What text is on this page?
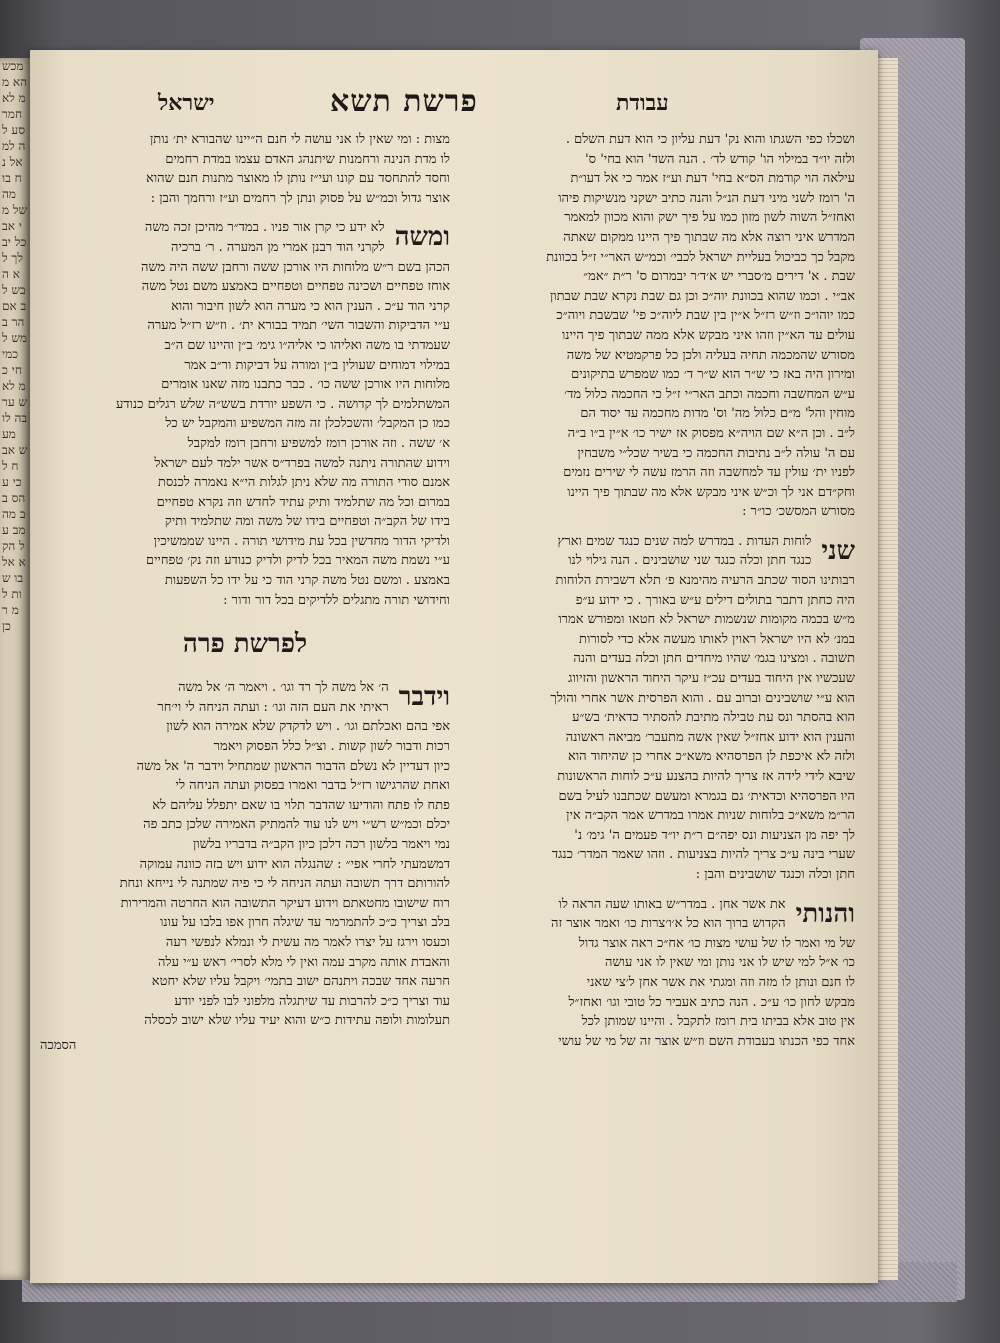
מכשהא ממ לא חמר סע לה למ אל נח בו מה של מי אב כל יב לך לא ה בש לב אם הר ב מש ל כמי חי כמ לא ש ער בה לו מע ש אב ח ל כי ע הס בב מה מב על הק א אל בו ש ות למ ר כן
עבודת
פרשת תשא
ישראל
ושכלו כפי השגתו והוא נק' דעת עליון כי הוא דעת השלם .
ולזה יו״ד במילוי הו' קודש לד׳ . הנה השד' הוא בחי' ס'
עילאה הוי קודמת הס״א בחי' דעת וע״ז אמר כי אל דעו״ת
ה' רומז לשני מיני דעת הנ״ל והנה כתיב ישקני מנשיקות פיהו
ואחז״ל השוה לשון מזון כמו על פיך ישק והוא מכוון למאמר
המדרש איני רוצה אלא מה שבתוך פיך היינו ממקום שאתה
מקבל כך כביכול בעליית ישראל לכבי׳ וכמ״ש האר״י ז״ל בכוונת
שבת . א' דירים מ׳סברי יש א׳ד׳ר יבמרום ס' ר״ת ״אמ״
אב״י . וכמו שהוא בכוונת יוה״כ וכן גם שבת נקרא שבת שבתון
כמו יוהו״כ וז״ש רז״ל א״ין בין שבת ליוה״כ פי' שבשבת ויוה״כ
עולים עד הא״ין וזהו איני מבקש אלא ממה שבתוך פיך היינו
מסורש שהמכמה תחיה בעליה ולכן כל פרקמטיא של משה
ומירון היה באז כי ש״ר הוא ש״ר ד׳ כמו שמפרש בתיקונים
ע״ש המחשבה וחכמה וכתב האר״י ז״ל כי החכמה כלול מד׳
מוחין והל' מ״ם כלול מה' וס' מדות מחכמה עד יסוד הם
ל״ב . וכן ה״א שם הויה״א מפסוק אז ישיר כו׳ א״ין ב״ו ב״ה
עם ה' עולה ל״ב נתיבות החכמה כי בשיר שכל״י משבחין
לפניו ית׳ עולין עד למחשבה וזה הרמז עשה לי שירים נזמים
וחק״דם אני לך וכ״ש איני מבקש אלא מה שבתוך פיך היינו
מסורש המסשכ׳ כו״ר :
שני
לוחות העדות . במדרש למה שנים כנגד שמים וארץ
כנגד חתן וכלה כנגד שני שושבינים . הנה גילוי לנו
רבותינו הסוד שכתב הרעיה מהימנא פ׳ תלא דשבירת הלוחות
היה כחתן דתבר בתולים דילים ע״ש באורך . כי ידוע ע״פ
מ״ש בכמה מקומות שנשמות ישראל לא חטאו ומפורש אמרו
במנ׳ לא היו ישראל ראוין לאותו מעשה אלא כדי לסורות
תשובה . ומצינו בגמ׳ שהיו מיחדים חתן וכלה בעדים והנה
שעכשיו אין היחוד בעדים עכ״ז עיקר היחוד הראשון והזיווג
הוא ע״י שושבינים וברוב עם . והוא הפרסית אשר אחרי והולך
הוא בהסתר ונס עת טבילה מתיבת להסתיר כדאית׳ בש״ע
והענין הוא ידוע אחז״ל שאין אשה מתעבר׳ מביאה ראשונה
ולזה לא איכפת לן הפרסהיא משא״כ אחרי כן שהיחוד הוא
שיבא לידי לידה אז צריך להיות בהצנע ע״כ לוחות הראשונות
היו הפרסהיא וכדאית׳ גם בגמרא ומעשם שכתבנו לעיל בשם
הר״מ משא״כ בלוחות שניות אמרו במדרש אמר הקב״ה אין
לך יפה מן הצניעות ונס יפה״ם ר״ת יו״ד פעמים ה' גימ׳ נ'
שערי בינה ע״כ צריך להיות בצניעות . וזהו שאמר המדר׳ כנגד
חתן וכלה וכנגד שושבינים והבן :
והנותי
את אשר אחן . במדר״ש באותו שעה הראה לו
הקדוש ברוך הוא כל א׳ו׳צרות כו׳ ואמר אוצר זה
של מי ואמר לו של עושי מצות כו׳ אח״כ ראה אוצר גדול
כו׳ א״ל למי שיש לו אני נותן ומי שאין לו אני עושה
לו חנם ונותן לו מזה וזה ומגתי את אשר אחן ל׳צי שאני
מבקש לחון כו׳ ע״כ . הנה כתיב אעביר כל טובי וגו׳ ואחז״ל
אין טוב אלא בביתו בית רומז לתקבל . והיינו שמותן לכל
אחד כפי הכנתו בעבודת השם וז״ש אוצר זה של מי של עושי
מצות : ומי שאין לו אני עושה לי חנם ה״יינו שהבורא ית׳ נותן
לו מדת הנינה ורחמנות שיתנהג האדם עצמו במדת רחמים
וחסד להתחסד עם קונו ועי״ז נותן לו מאוצר מתנות חנם שהוא
אוצר גדול וכמ״ש על פסוק ונתן לך רחמים וע״ז ורחמך והבן :
ומשה
לא ידע כי קרן אור פניו . במד״ר מהיכן זכה משה
לקרני הוד רבנן אמרי מן המערה . ר׳ ברכיה
הכהן בשם ר״ש מלוחות היו אורכן ששה ורחבן ששה היה משה
אוחז טפחיים ושכינה טפחיים וטפחיים באמצע משם נטל משה
קרני הוד ע״כ . הענין הוא כי מערה הוא לשון חיבור והוא
ע״י הדביקות והשבור השי׳ תמיד בבורא ית׳ . וז״ש רז״ל מערה
שעמדתי בו משה ואליהו כי אליה״ו גימ׳ ב״ן והיינו שם ה״ב
במילוי דמוחים שעולין ב״ן ומורה על דביקות ור״ב אמר
מלוחות היו אורכן ששה כו׳ . כבר כתבנו מזה שאנו אומרים
המשתלמים לך קדושה . כי השפע יורדת בשש״ה שלש רגלים כנודע
כמו כן המקבל׳ והשכלכלן זה מזה המשפיע והמקבל יש כל
א׳ ששה . וזה אורכן רומז למשפיע ורחבן רומז למקבל
וידוע שהתורה ניתנה למשה בפרד״ס אשר ילמד לעם ישראל
אמנם סודי התורה מה שלא ניתן לגלות הי״א נאמרה לכנסת
במרום וכל מה שתלמיד ותיק עתיד לחדש וזה נקרא טפחיים
בידו של הקב״ה וטפחיים בידו של משה ומה שתלמיד ותיק
ולדיקי הדור מחדשין בכל עת מידושי תורה . היינו שממשיכין
ע״י נשמת משה המאיר בכל לדיק ולדיק כנודע וזה נק׳ טפחיים
באמצע . ומשם נטל משה קרני הוד כי על ידו כל השפעות
וחידושי תורה מתגלים ללדיקים בכל דור ודור :
לפרשת פרה
וידבר
ה׳ אל משה לך רד וגו׳ . ויאמר ה׳ אל משה
ראיתי את העם הזה וגו׳ : ועתה הניחה לי וי׳חר
אפי בהם ואכלתם וגו׳ . ויש לדקדק שלא אמירה הוא לשון
רכות ודבור לשון קשות . וצ״ל כלל הפסוק ויאמר
כיון דעדיין לא נשלם הדבור הראשון שמתחיל וידבר ה' אל משה
ואחת שהרגישו רז״ל בדבר ואמרו בפסוק ועתה הניחה לי
פתח לו פתח והודיעו שהדבר תלוי בו שאם יתפלל עליהם לא
יכלם וכמ״ש רש״י ויש לנו עוד להמתיק האמירה שלכן כתב פה
נמי ויאמר בלשון רכה דלכן כיון הקב״ה בדבריו בלשון
דמשמעתי לחרי אפי״ : שהנגלה הוא ידוע ויש בזה כוונה עמוקה
להורותם דרך תשובה ועתה הניחה לי כי פיה שמתנה לי נייחא ונחת
רוח שישובו מחטאתם וידוע דעיקר התשובה הוא החרטה והמרירות
בלב וצריך כ״כ להתמרמר עד שיגלה חרון אפו בלבו על עונו
וכעסו וירגז על יצרו לאמר מה עשית לי ונמלא לנפשי רעה
והאבדת אותה מקרב עמה ואין לי מלא לסרי׳ ראש ע״י עלה
חרעה אחד שבכה ויתנהם ישוב בתמי׳ ויקבל עליו שלא יחטא
עוד וצריך כ״כ להרבות עד שיתגלה מלפוני לבו לפני יודע
תעלומות ולופה עתידות כ״ש והוא יעיד עליו שלא ישוב לכסלה
הסמכה
